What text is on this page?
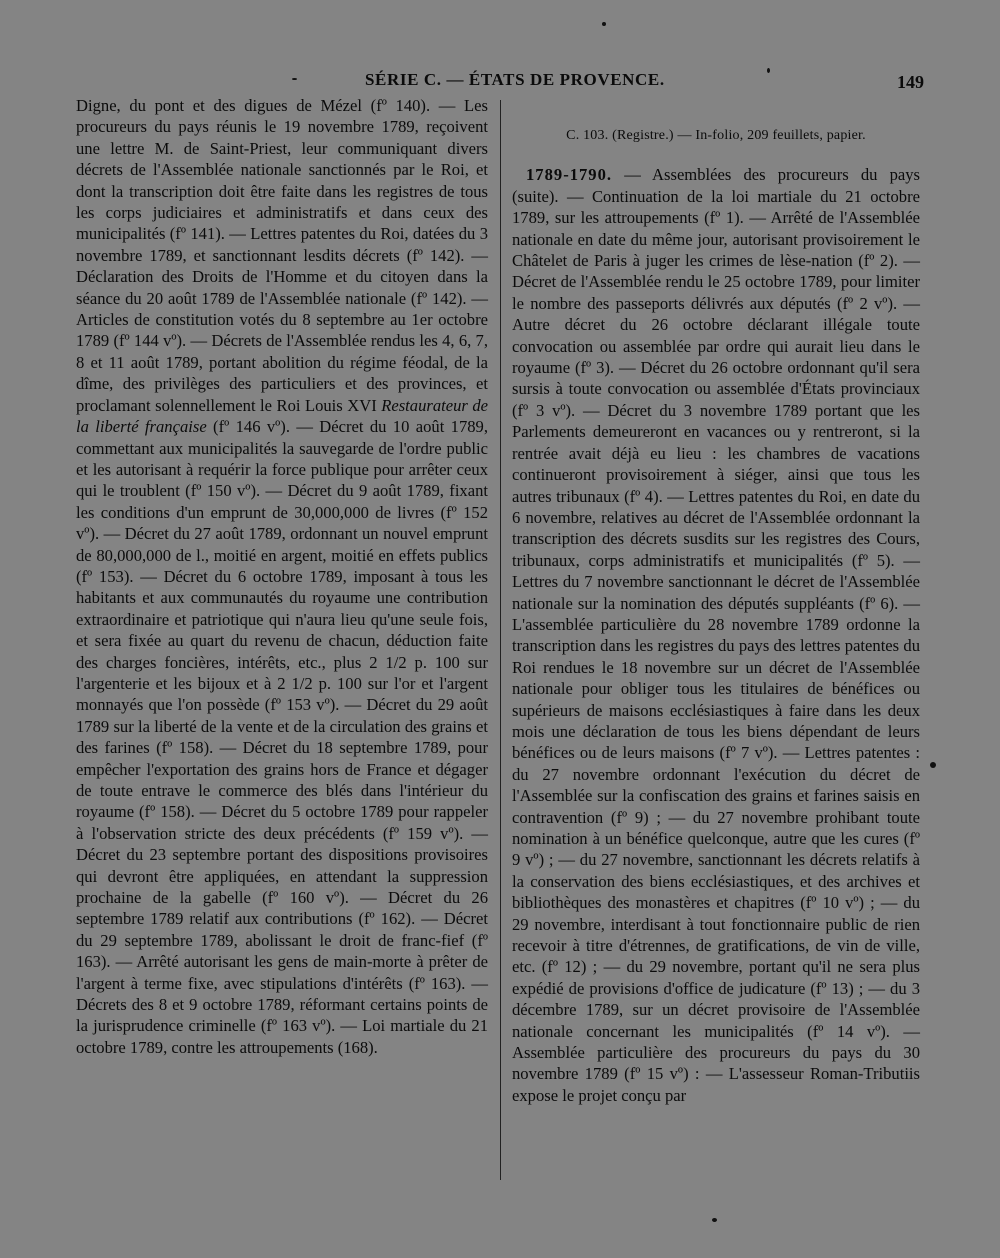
SÉRIE C. — ÉTATS DE PROVENCE.	149

Digne, du pont et des digues de Mézel (fº 140). — Les procureurs du pays réunis le 19 novembre 1789, reçoivent une lettre M. de Saint-Priest, leur communiquant divers décrets de l'Assemblée nationale sanctionnés par le Roi, et dont la transcription doit être faite dans les registres de tous les corps judiciaires et administratifs et dans ceux des municipalités (fº 141). — Lettres patentes du Roi, datées du 3 novembre 1789, et sanctionnant lesdits décrets (fº 142). — Déclaration des Droits de l'Homme et du citoyen dans la séance du 20 août 1789 de l'Assemblée nationale (fº 142). — Articles de constitution votés du 8 septembre au 1er octobre 1789 (fº 144 vº). — Décrets de l'Assemblée rendus les 4, 6, 7, 8 et 11 août 1789, portant abolition du régime féodal, de la dîme, des privilèges des particuliers et des provinces, et proclamant solennellement le Roi Louis XVI Restaurateur de la liberté française (fº 146 vº). — Décret du 10 août 1789, commettant aux municipalités la sauvegarde de l'ordre public et les autorisant à requérir la force publique pour arrêter ceux qui le troublent (fº 150 vº). — Décret du 9 août 1789, fixant les conditions d'un emprunt de 30,000,000 de livres (fº 152 vº). — Décret du 27 août 1789, ordonnant un nouvel emprunt de 80,000,000 de l., moitié en argent, moitié en effets publics (fº 153). — Décret du 6 octobre 1789, imposant à tous les habitants et aux communautés du royaume une contribution extraordinaire et patriotique qui n'aura lieu qu'une seule fois, et sera fixée au quart du revenu de chacun, déduction faite des charges foncières, intérêts, etc., plus 2 1/2 p. 100 sur l'argenterie et les bijoux et à 2 1/2 p. 100 sur l'or et l'argent monnayés que l'on possède (fº 153 vº). — Décret du 29 août 1789 sur la liberté de la vente et de la circulation des grains et des farines (fº 158). — Décret du 18 septembre 1789, pour empêcher l'exportation des grains hors de France et dégager de toute entrave le commerce des blés dans l'intérieur du royaume (fº 158). — Décret du 5 octobre 1789 pour rappeler à l'observation stricte des deux précédents (fº 159 vº). — Décret du 23 septembre portant des dispositions provisoires qui devront être appliquées, en attendant la suppression prochaine de la gabelle (fº 160 vº). — Décret du 26 septembre 1789 relatif aux contributions (fº 162). — Décret du 29 septembre 1789, abolissant le droit de franc-fief (fº 163). — Arrêté autorisant les gens de main-morte à prêter de l'argent à terme fixe, avec stipulations d'intérêts (fº 163). — Décrets des 8 et 9 octobre 1789, réformant certains points de la jurisprudence criminelle (fº 163 vº). — Loi martiale du 21 octobre 1789, contre les attroupements (168).

C. 103. (Registre.) — In-folio, 209 feuillets, papier.

1789-1790. — Assemblées des procureurs du pays (suite). — Continuation de la loi martiale du 21 octobre 1789, sur les attroupements (fº 1). — Arrêté de l'Assemblée nationale en date du même jour, autorisant provisoirement le Châtelet de Paris à juger les crimes de lèse-nation (fº 2). — Décret de l'Assemblée rendu le 25 octobre 1789, pour limiter le nombre des passeports délivrés aux députés (fº 2 vº). — Autre décret du 26 octobre déclarant illégale toute convocation ou assemblée par ordre qui aurait lieu dans le royaume (fº 3). — Décret du 26 octobre ordonnant qu'il sera sursis à toute convocation ou assemblée d'États provinciaux (fº 3 vº). — Décret du 3 novembre 1789 portant que les Parlements demeureront en vacances ou y rentreront, si la rentrée avait déjà eu lieu : les chambres de vacations continueront provisoirement à siéger, ainsi que tous les autres tribunaux (fº 4). — Lettres patentes du Roi, en date du 6 novembre, relatives au décret de l'Assemblée ordonnant la transcription des décrets susdits sur les registres des Cours, tribunaux, corps administratifs et municipalités (fº 5). — Lettres du 7 novembre sanctionnant le décret de l'Assemblée nationale sur la nomination des députés suppléants (fº 6). — L'assemblée particulière du 28 novembre 1789 ordonne la transcription dans les registres du pays des lettres patentes du Roi rendues le 18 novembre sur un décret de l'Assemblée nationale pour obliger tous les titulaires de bénéfices ou supérieurs de maisons ecclésiastiques à faire dans les deux mois une déclaration de tous les biens dépendant de leurs bénéfices ou de leurs maisons (fº 7 vº). — Lettres patentes : du 27 novembre ordonnant l'exécution du décret de l'Assemblée sur la confiscation des grains et farines saisis en contravention (fº 9) ; — du 27 novembre prohibant toute nomination à un bénéfice quelconque, autre que les cures (fº 9 vº) ; — du 27 novembre, sanctionnant les décrets relatifs à la conservation des biens ecclésiastiques, et des archives et bibliothèques des monastères et chapitres (fº 10 vº) ; — du 29 novembre, interdisant à tout fonctionnaire public de rien recevoir à titre d'étrennes, de gratifications, de vin de ville, etc. (fº 12) ; — du 29 novembre, portant qu'il ne sera plus expédié de provisions d'office de judicature (fº 13) ; — du 3 décembre 1789, sur un décret provisoire de l'Assemblée nationale concernant les municipalités (fº 14 vº). — Assemblée particulière des procureurs du pays du 30 novembre 1789 (fº 15 vº) : — L'assesseur Roman-Tributiis expose le projet conçu par
